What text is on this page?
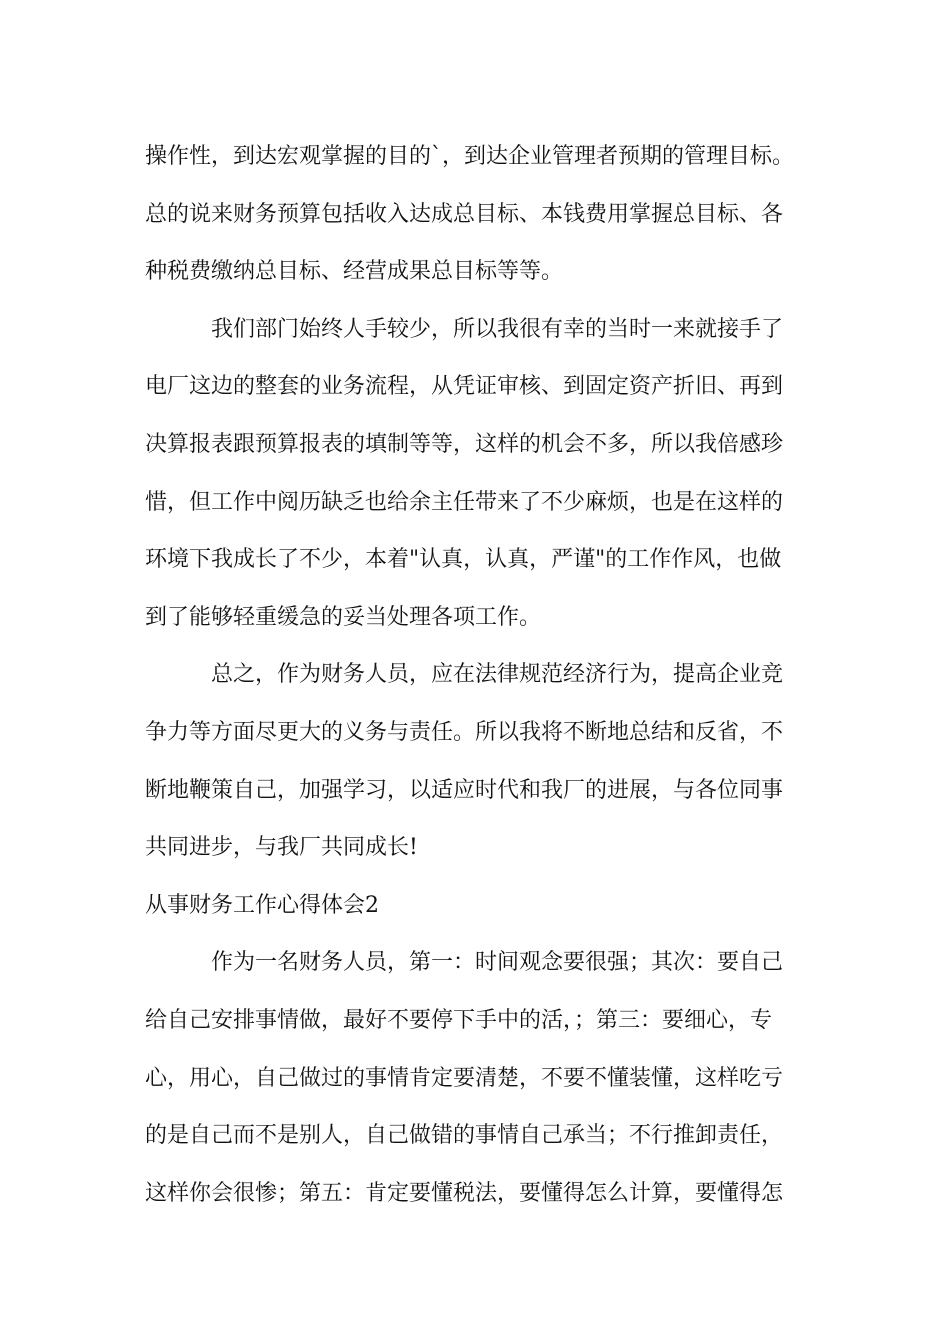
操作性，到达宏观掌握的目的`，到达企业管理者预期的管理目标。
总的说来财务预算包括收入达成总目标、本钱费用掌握总目标、各
种税费缴纳总目标、经营成果总目标等等。
我们部门始终人手较少，所以我很有幸的当时一来就接手了
电厂这边的整套的业务流程，从凭证审核、到固定资产折旧、再到
决算报表跟预算报表的填制等等，这样的机会不多，所以我倍感珍
惜，但工作中阅历缺乏也给余主任带来了不少麻烦，也是在这样的
环境下我成长了不少，本着"认真，认真，严谨"的工作作风，也做
到了能够轻重缓急的妥当处理各项工作。
总之，作为财务人员，应在法律规范经济行为，提高企业竞
争力等方面尽更大的义务与责任。所以我将不断地总结和反省，不
断地鞭策自己，加强学习，以适应时代和我厂的进展，与各位同事
共同进步，与我厂共同成长!
从事财务工作心得体会2
作为一名财务人员，第一：时间观念要很强；其次：要自己
给自己安排事情做，最好不要停下手中的活，；第三：要细心，专
心，用心，自己做过的事情肯定要清楚，不要不懂装懂，这样吃亏
的是自己而不是别人，自己做错的事情自己承当；不行推卸责任，
这样你会很惨；第五：肯定要懂税法，要懂得怎么计算，要懂得怎
